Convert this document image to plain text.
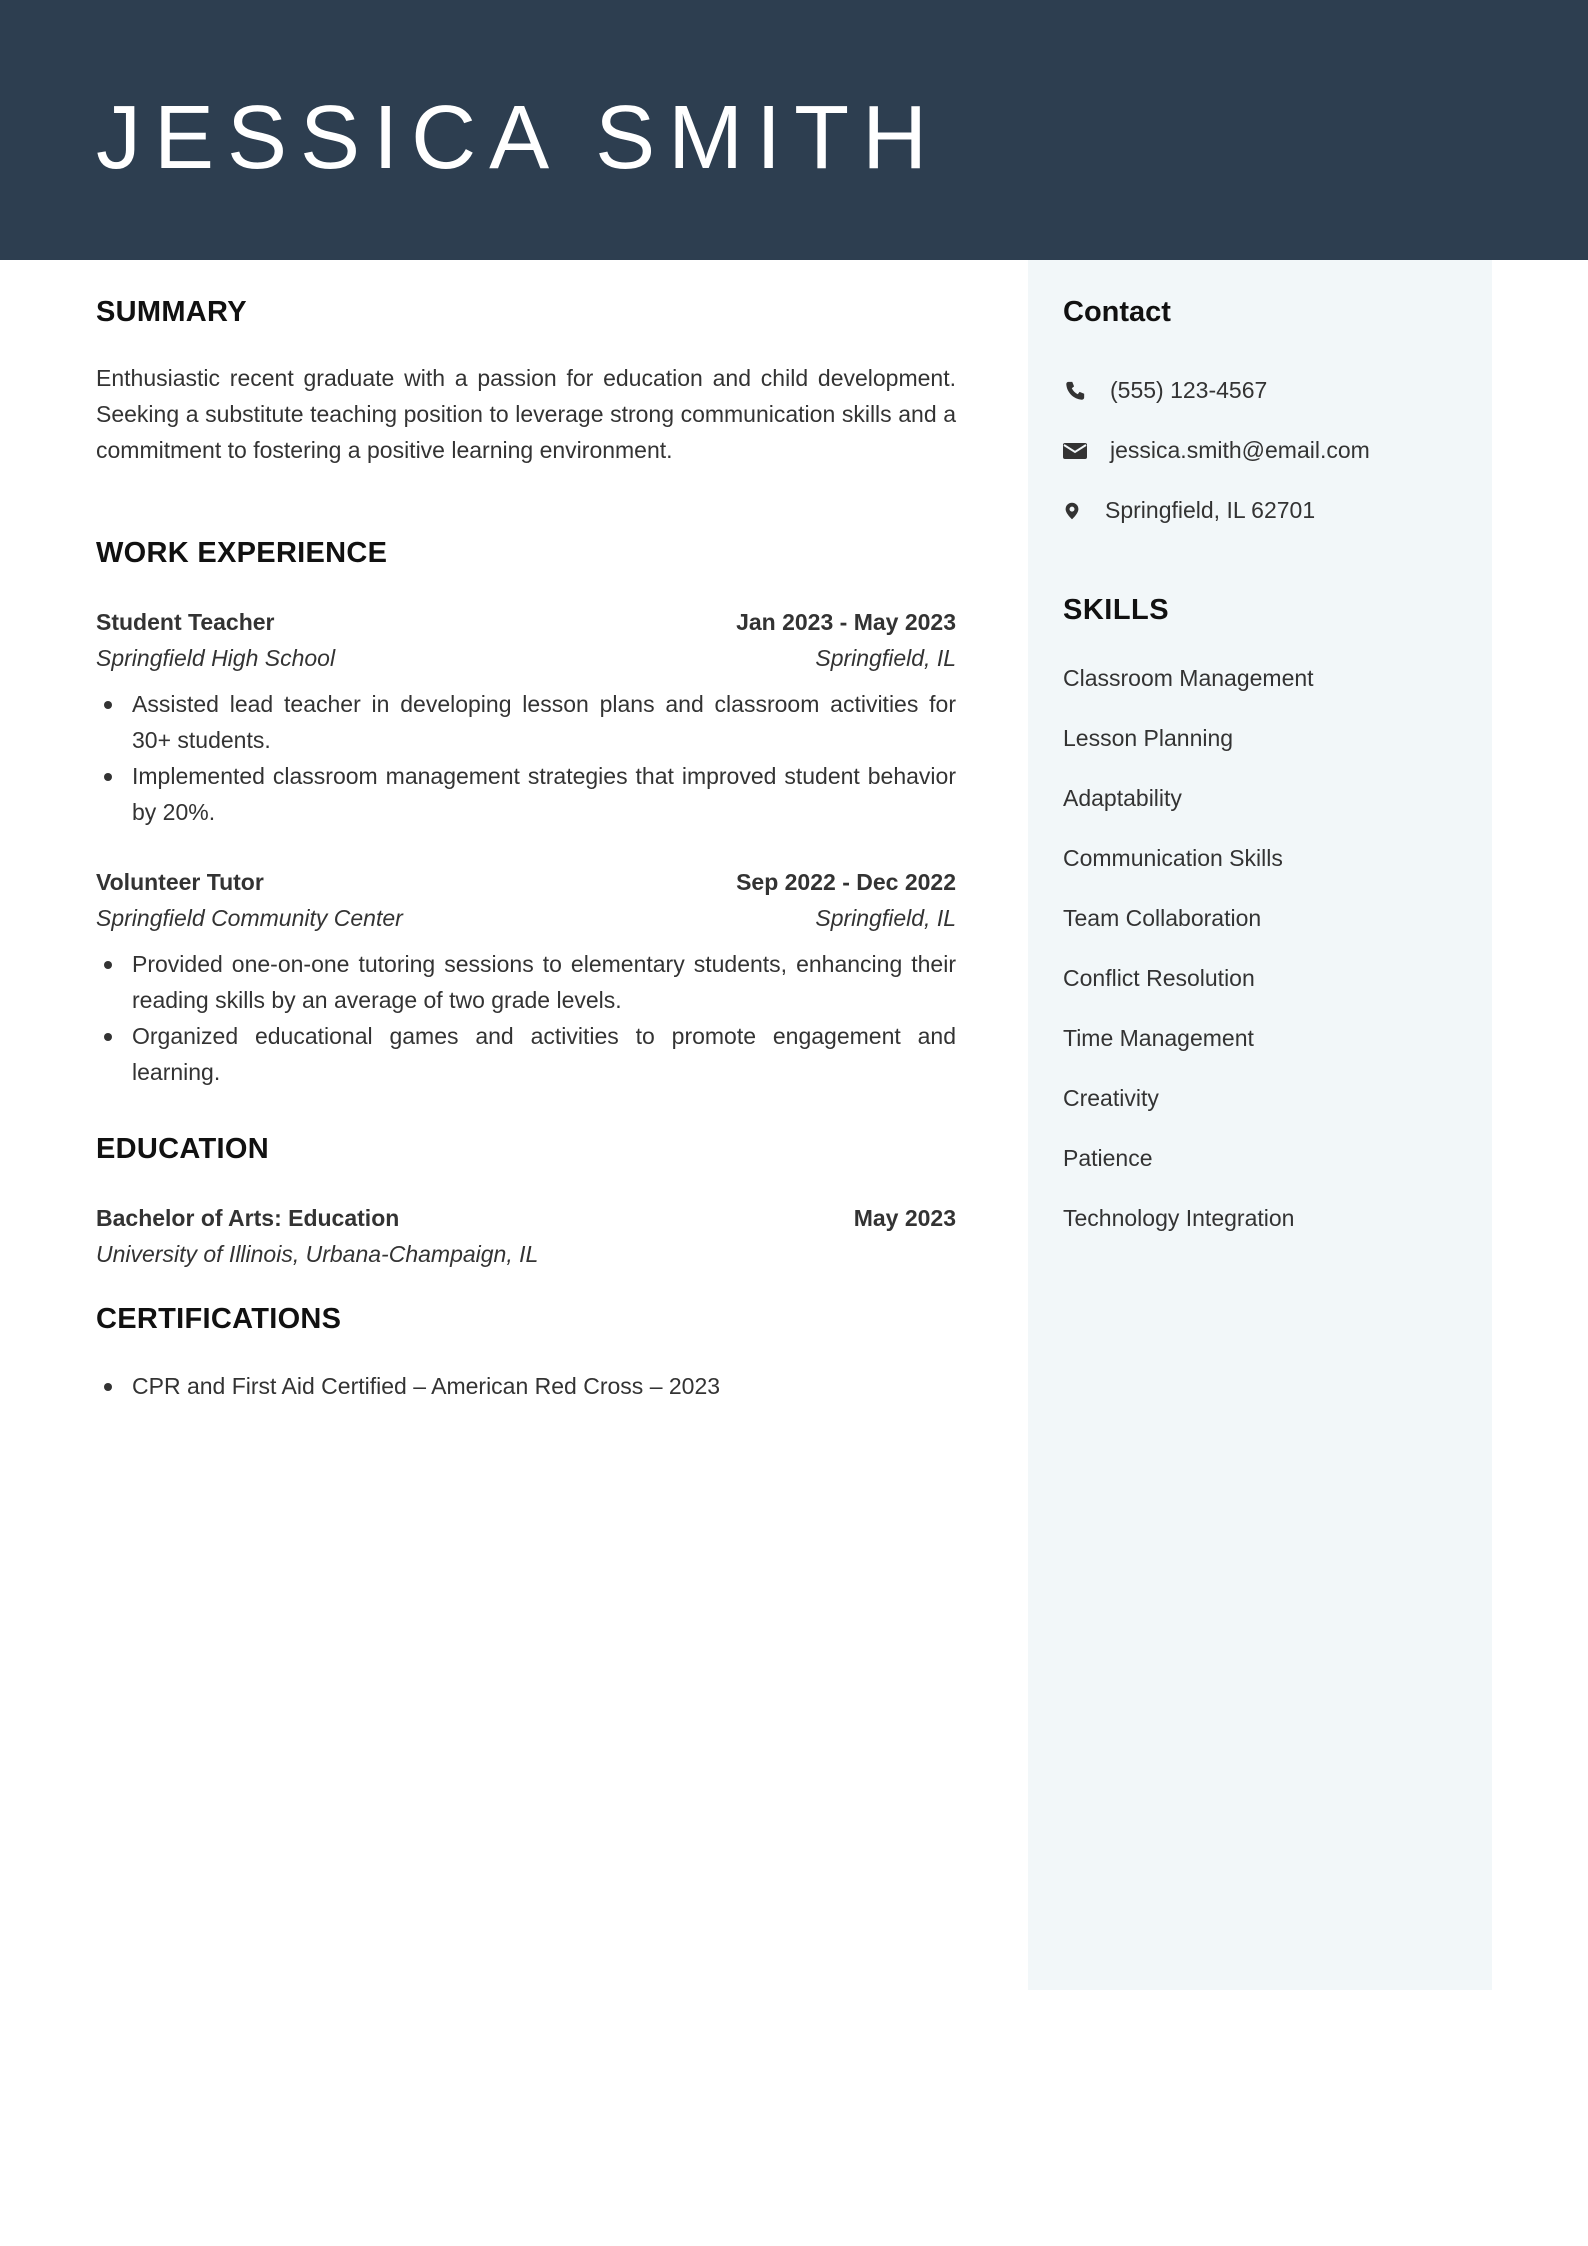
JESSICA SMITH
Contact
(555) 123-4567
jessica.smith@email.com
Springfield, IL 62701
SKILLS
Classroom Management
Lesson Planning
Adaptability
Communication Skills
Team Collaboration
Conflict Resolution
Time Management
Creativity
Patience
Technology Integration
SUMMARY
Enthusiastic recent graduate with a passion for education and child development. Seeking a substitute teaching position to leverage strong communication skills and a commitment to fostering a positive learning environment.
WORK EXPERIENCE
Student Teacher	Jan 2023 - May 2023
Springfield High School	Springfield, IL
Assisted lead teacher in developing lesson plans and classroom activities for 30+ students.
Implemented classroom management strategies that improved student behavior by 20%.
Volunteer Tutor	Sep 2022 - Dec 2022
Springfield Community Center	Springfield, IL
Provided one-on-one tutoring sessions to elementary students, enhancing their reading skills by an average of two grade levels.
Organized educational games and activities to promote engagement and learning.
EDUCATION
Bachelor of Arts: Education	May 2023
University of Illinois, Urbana-Champaign, IL
CERTIFICATIONS
CPR and First Aid Certified – American Red Cross – 2023
